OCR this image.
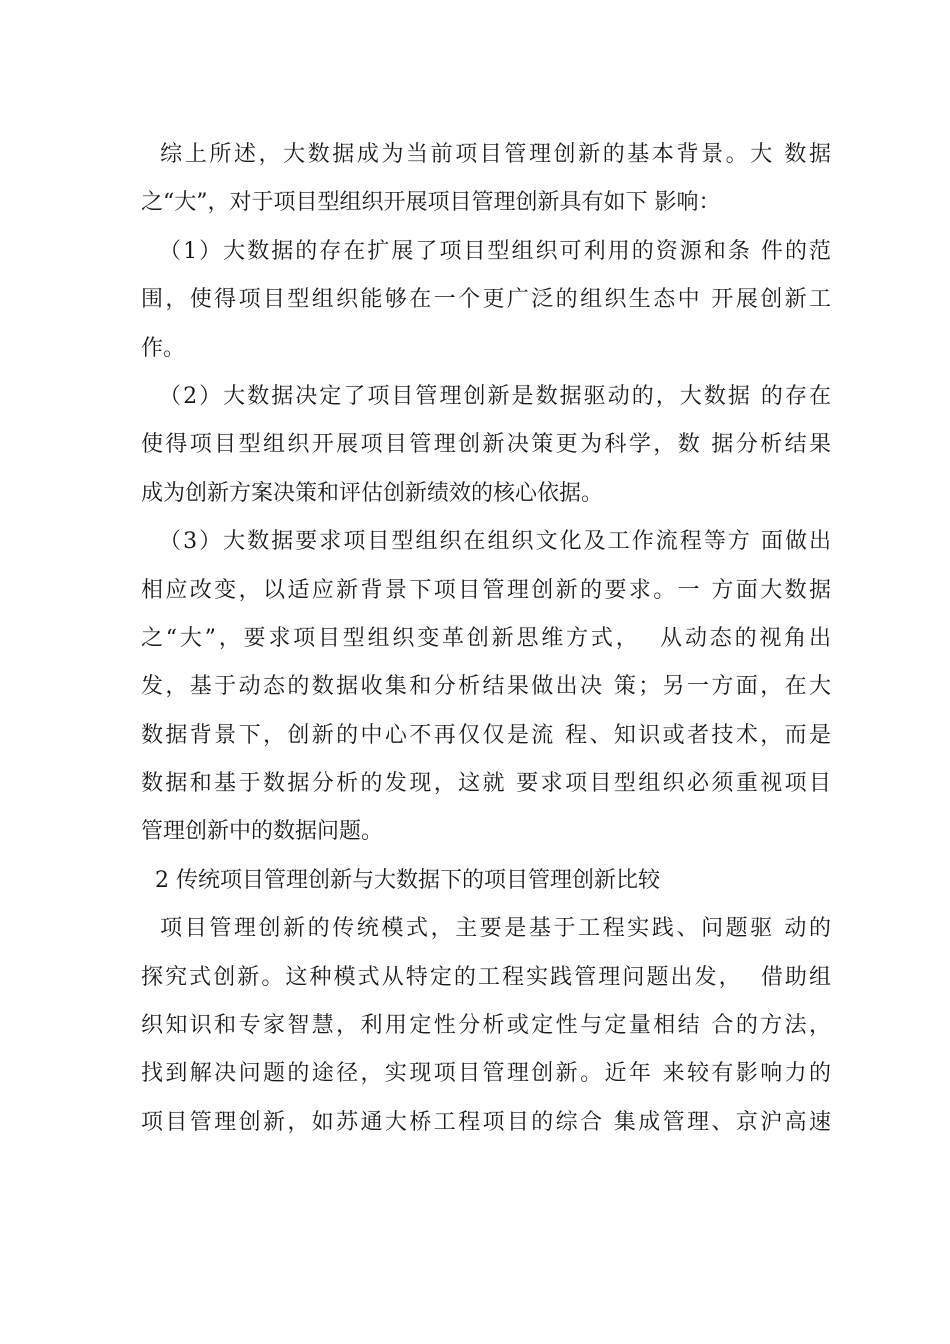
综上所述，大数据成为当前项目管理创新的基本背景。大 数据
之“大”，对于项目型组织开展项目管理创新具有如下 影响：
（1）大数据的存在扩展了项目型组织可利用的资源和条 件的范
围，使得项目型组织能够在一个更广泛的组织生态中 开展创新工
作。
（2）大数据决定了项目管理创新是数据驱动的，大数据 的存在
使得项目型组织开展项目管理创新决策更为科学，数 据分析结果
成为创新方案决策和评估创新绩效的核心依据。
（3）大数据要求项目型组织在组织文化及工作流程等方 面做出
相应改变，以适应新背景下项目管理创新的要求。一 方面大数据
之“大”，要求项目型组织变革创新思维方式，  从动态的视角出
发，基于动态的数据收集和分析结果做出决 策；另一方面，在大
数据背景下，创新的中心不再仅仅是流 程、知识或者技术，而是
数据和基于数据分析的发现，这就 要求项目型组织必须重视项目
管理创新中的数据问题。
2 传统项目管理创新与大数据下的项目管理创新比较
项目管理创新的传统模式，主要是基于工程实践、问题驱 动的
探究式创新。这种模式从特定的工程实践管理问题出发，  借助组
织知识和专家智慧，利用定性分析或定性与定量相结 合的方法，
找到解决问题的途径，实现项目管理创新。近年 来较有影响力的
项目管理创新，如苏通大桥工程项目的综合 集成管理、京沪高速
